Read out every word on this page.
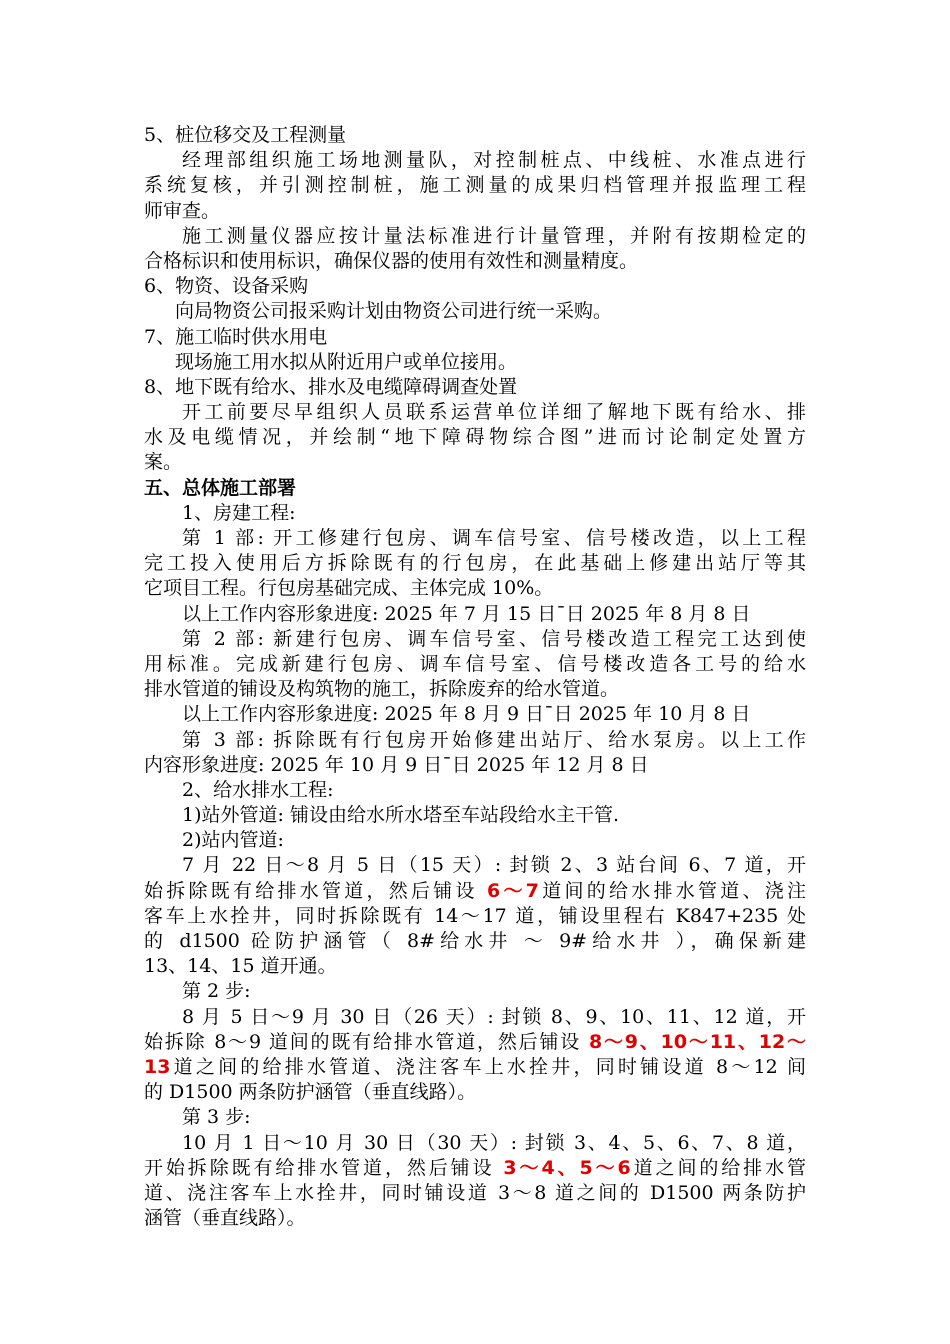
5、桩位移交及工程测量
经理部组织施工场地测量队，对控制桩点、中线桩、水准点进行
系统复核，并引测控制桩，施工测量的成果归档管理并报监理工程
师审查。
施工测量仪器应按计量法标准进行计量管理，并附有按期检定的
合格标识和使用标识，确保仪器的使用有效性和测量精度。
6、物资、设备采购
向局物资公司报采购计划由物资公司进行统一采购。
7、施工临时供水用电
现场施工用水拟从附近用户或单位接用。
8、地下既有给水、排水及电缆障碍调查处置
开工前要尽早组织人员联系运营单位详细了解地下既有给水、排
水及电缆情况，并绘制“地下障碍物综合图”进而讨论制定处置方
案。
五、总体施工部署
1、房建工程:
第 1 部: 开工修建行包房、调车信号室、信号楼改造，以上工程
完工投入使用后方拆除既有的行包房，在此基础上修建出站厅等其
它项目工程。行包房基础完成、主体完成 10%。
以上工作内容形象进度: 2025 年 7 月 15 日¯日 2025 年 8 月 8 日
第 2 部: 新建行包房、调车信号室、信号楼改造工程完工达到使
用标准。完成新建行包房、调车信号室、信号楼改造各工号的给水
排水管道的铺设及构筑物的施工，拆除废弃的给水管道。
以上工作内容形象进度: 2025 年 8 月 9 日¯日 2025 年 10 月 8 日
第 3 部: 拆除既有行包房开始修建出站厅、给水泵房。以上工作
内容形象进度: 2025 年 10 月 9 日¯日 2025 年 12 月 8 日
2、给水排水工程:
1)站外管道: 铺设由给水所水塔至车站段给水主干管.
2)站内管道:
7 月 22 日～8 月 5 日（15 天）: 封锁 2、3 站台间 6、7 道，开
始拆除既有给排水管道，然后铺设 6～7道间的给水排水管道、浇注
客车上水拴井，同时拆除既有 14～17 道，铺设里程右 K847+235 处
的 d1500 砼防护涵管（ 8#给水井 ～ 9#给水井 ），确保新建
13、14、15 道开通。
第 2 步:
8 月 5 日～9 月 30 日（26 天）: 封锁 8、9、10、11、12 道，开
始拆除 8～9 道间的既有给排水管道，然后铺设 8～9、10～11、12～
13道之间的给排水管道、浇注客车上水拴井，同时铺设道 8～12 间
的 D1500 两条防护涵管（垂直线路）。
第 3 步:
10 月 1 日～10 月 30 日（30 天）: 封锁 3、4、5、6、7、8 道，
开始拆除既有给排水管道，然后铺设 3～4、5～6道之间的给排水管
道、浇注客车上水拴井，同时铺设道 3～8 道之间的 D1500 两条防护
涵管（垂直线路）。
